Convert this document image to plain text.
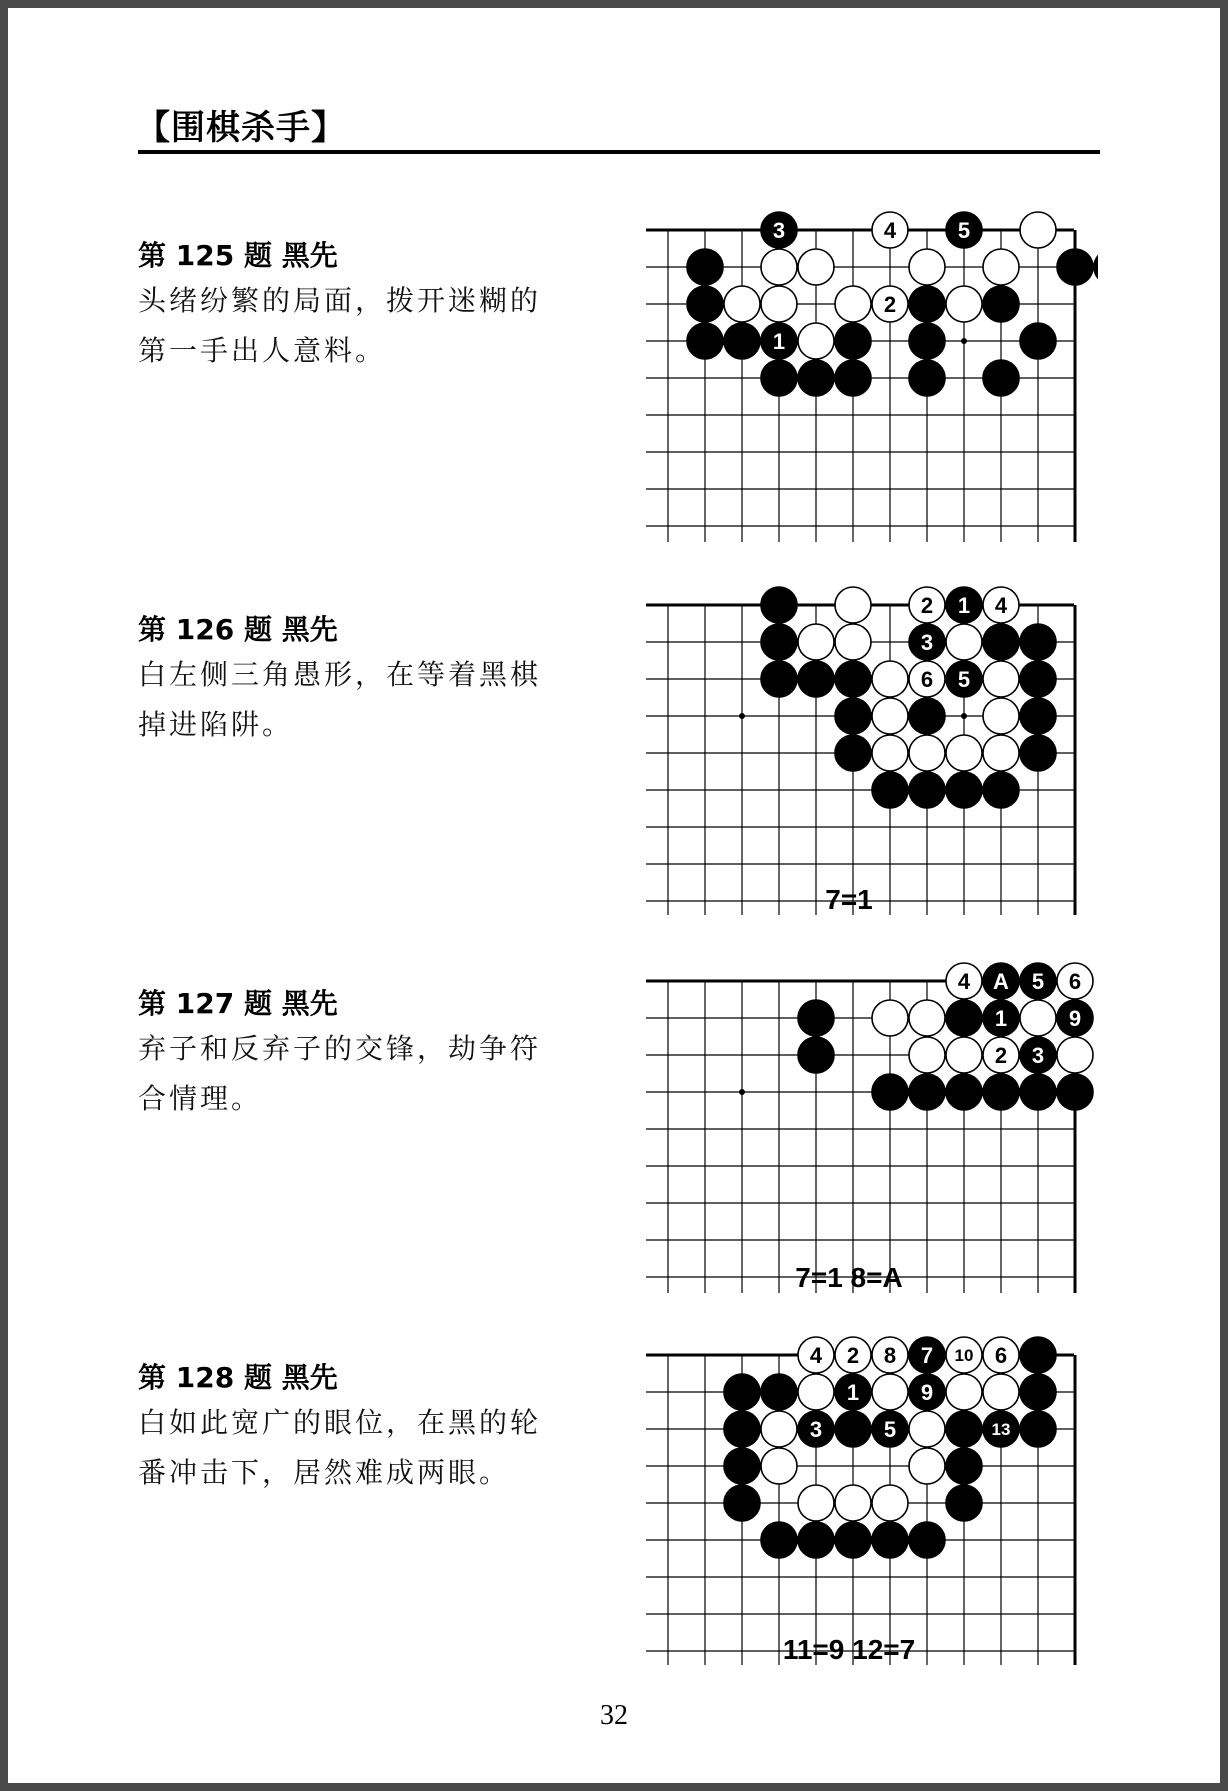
【围棋杀手】
第 125 题 黑先
头绪纷繁的局面，拨开迷糊的
第一手出人意料。
3	4	5
2
1
第 126 题 黑先
白左侧三角愚形，在等着黑棋
掉进陷阱。
2 1 4
3
6 5
7=1
第 127 题 黑先
弃子和反弃子的交锋，劫争符
合情理。
4 A 5 6
1	9
2 3
7=1 8=A
第 128 题 黑先
白如此宽广的眼位，在黑的轮
番冲击下，居然难成两眼。
4 2 8 7 10 6
1	9
3	5	13
11=9 12=7
32
